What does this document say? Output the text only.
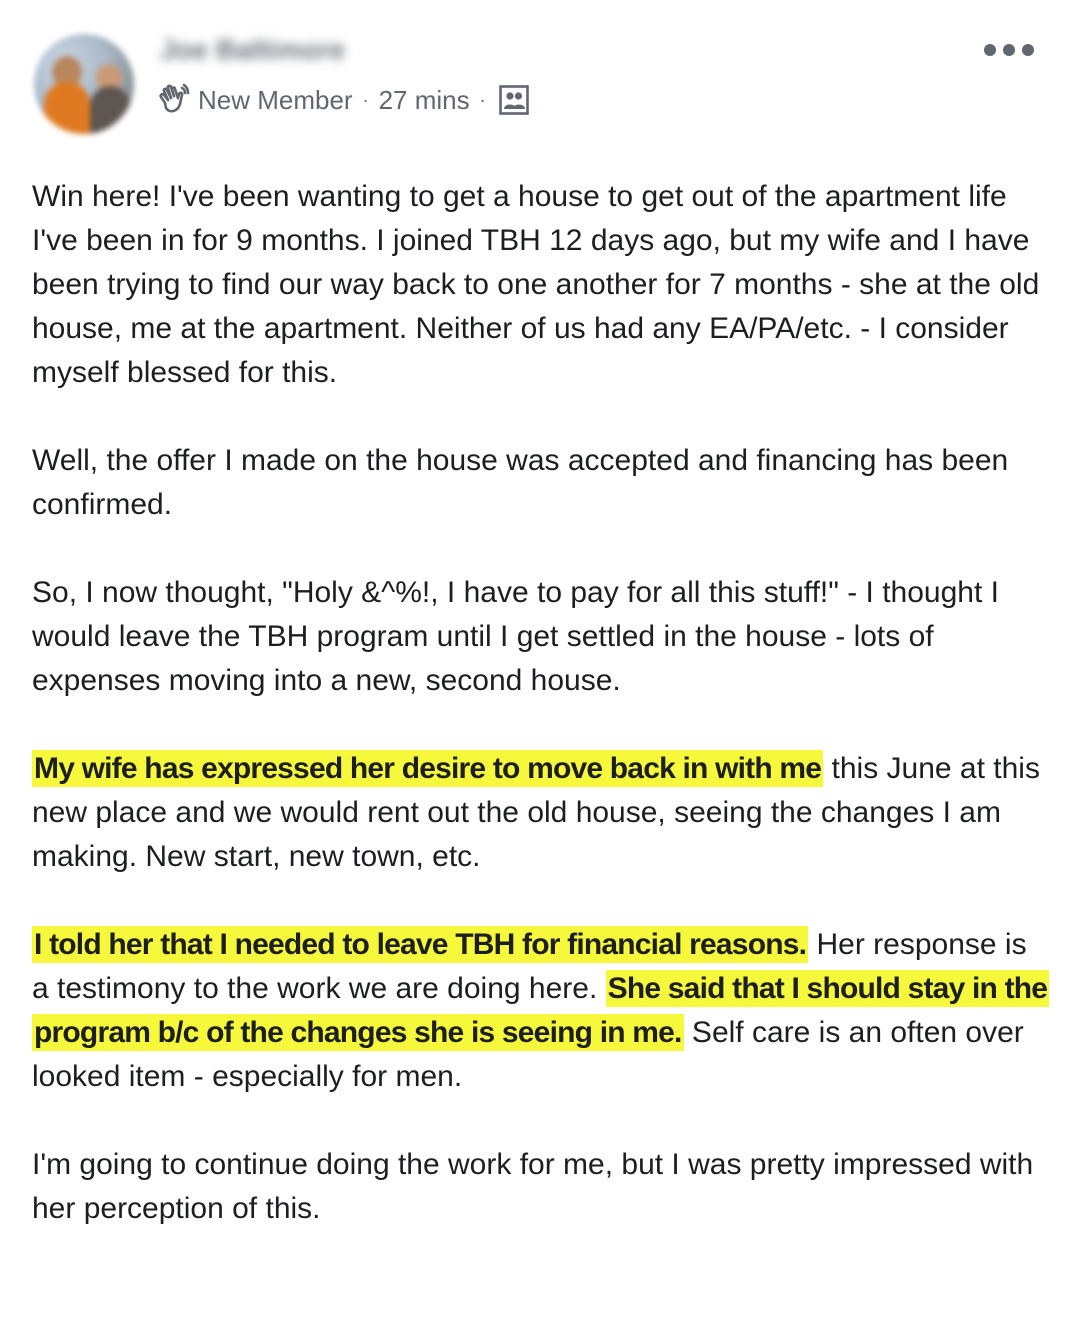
Joe Baltimore
New Member · 27 mins ·

Win here! I've been wanting to get a house to get out of the apartment life I've been in for 9 months. I joined TBH 12 days ago, but my wife and I have been trying to find our way back to one another for 7 months - she at the old house, me at the apartment. Neither of us had any EA/PA/etc. - I consider myself blessed for this.

Well, the offer I made on the house was accepted and financing has been confirmed.

So, I now thought, "Holy &^%!, I have to pay for all this stuff!" - I thought I would leave the TBH program until I get settled in the house - lots of expenses moving into a new, second house.

My wife has expressed her desire to move back in with me this June at this new place and we would rent out the old house, seeing the changes I am making. New start, new town, etc.

I told her that I needed to leave TBH for financial reasons. Her response is a testimony to the work we are doing here. She said that I should stay in the program b/c of the changes she is seeing in me. Self care is an often over looked item - especially for men.

I'm going to continue doing the work for me, but I was pretty impressed with her perception of this.
